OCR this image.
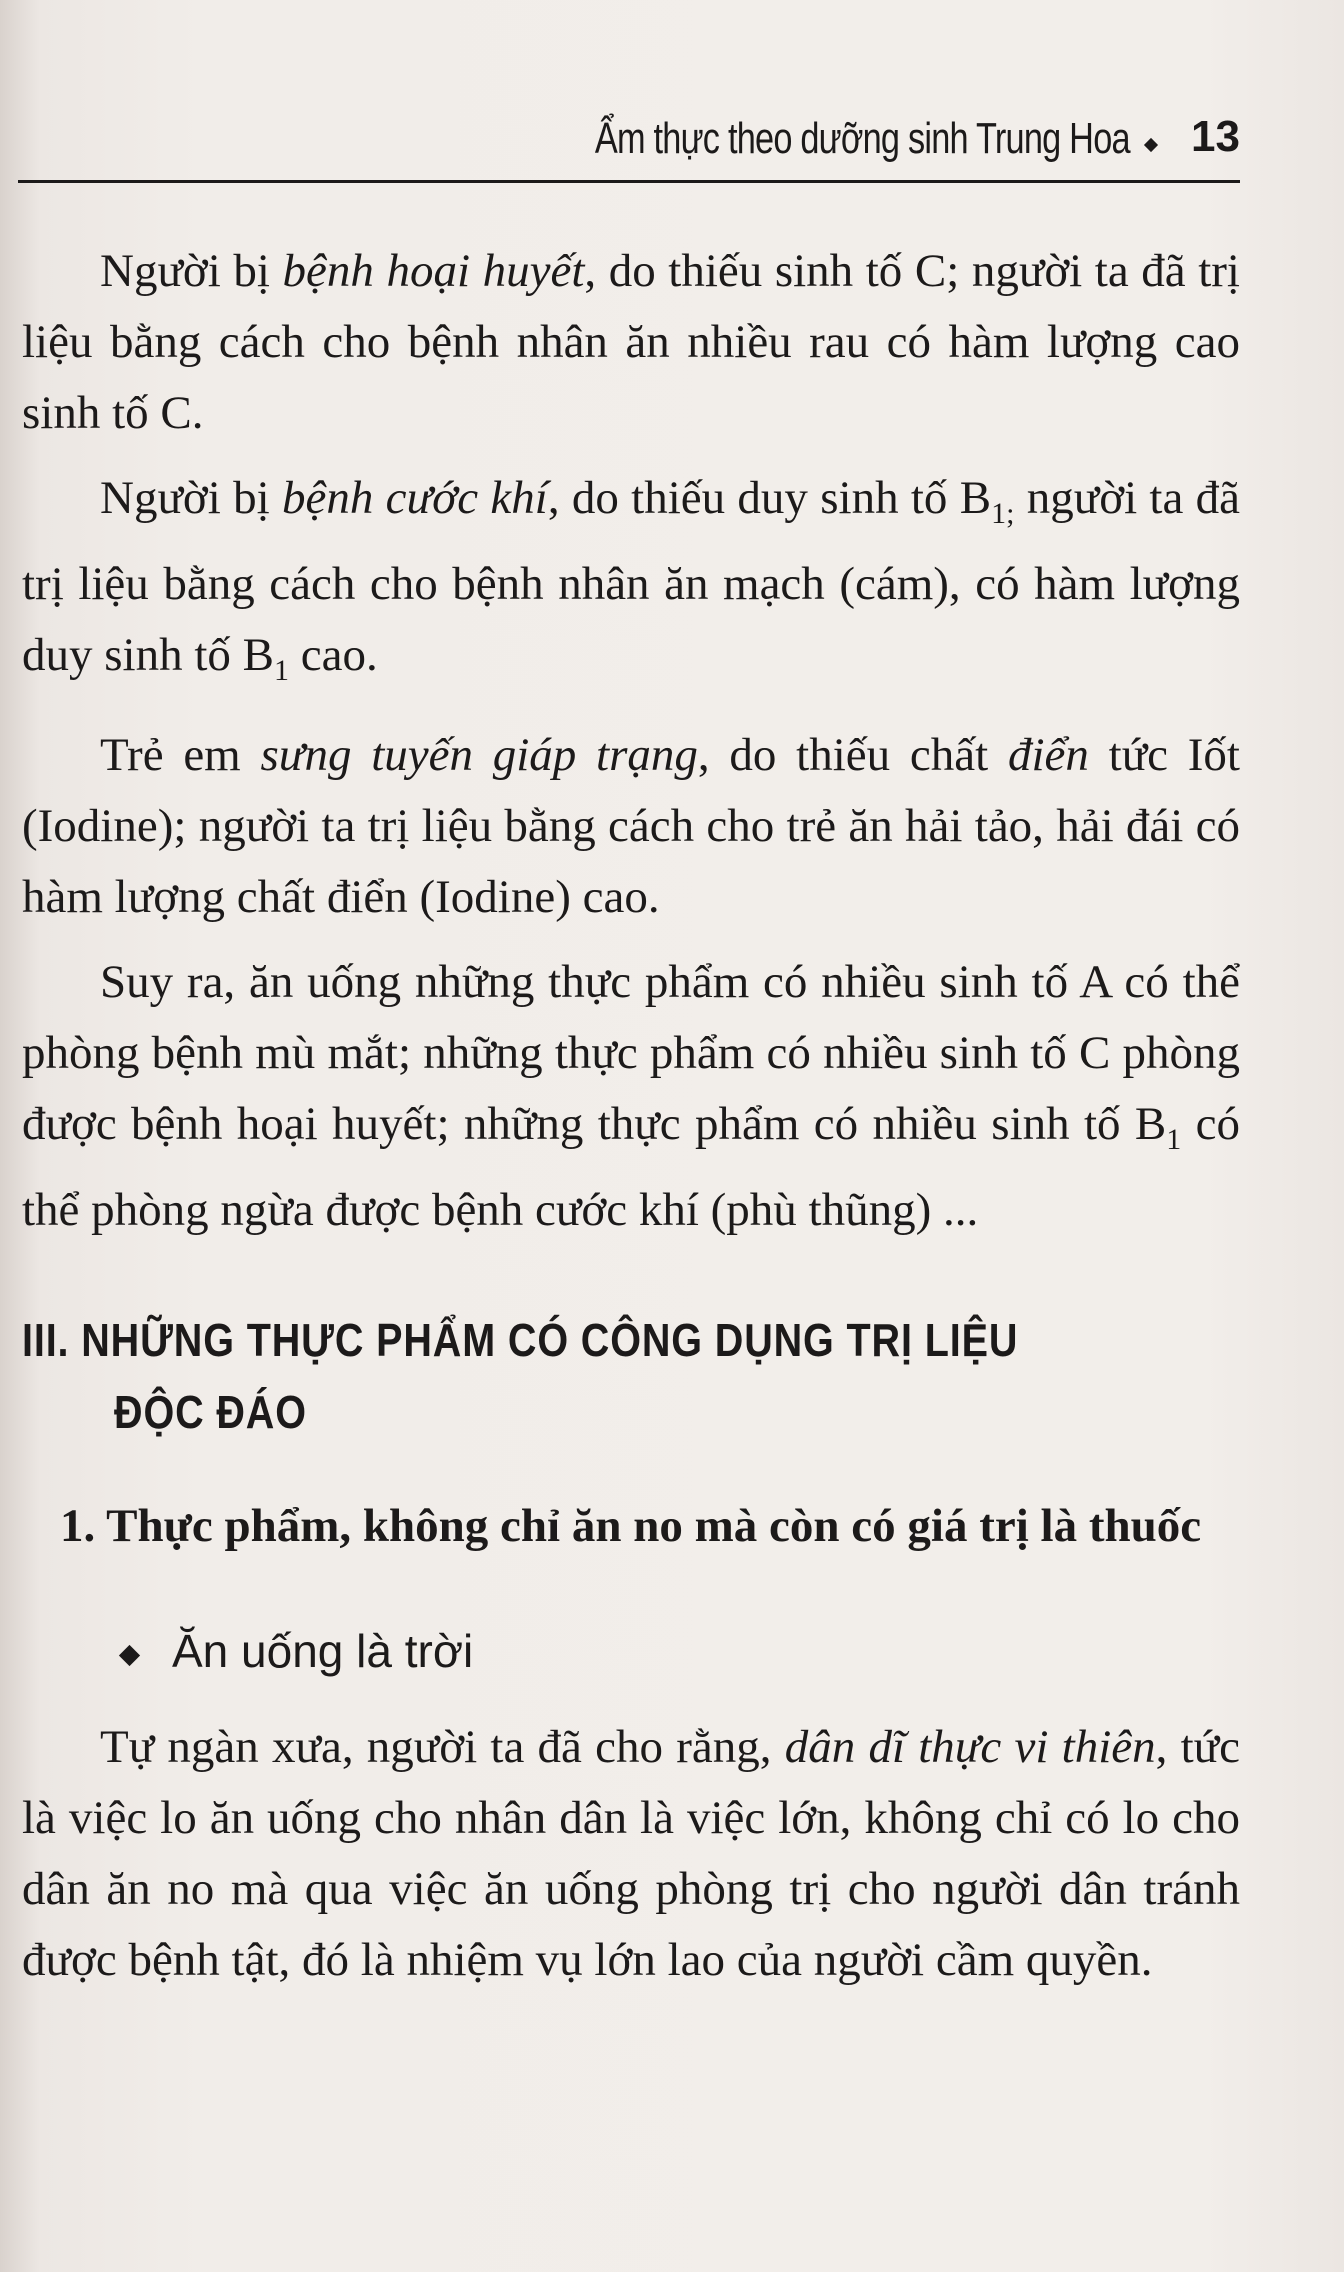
Ẩm thực theo dưỡng sinh Trung Hoa 13

Người bị bệnh hoại huyết, do thiếu sinh tố C; người ta đã trị liệu bằng cách cho bệnh nhân ăn nhiều rau có hàm lượng cao sinh tố C.

Người bị bệnh cước khí, do thiếu duy sinh tố $B_{1;}$ người ta đã trị liệu bằng cách cho bệnh nhân ăn mạch (cám), có hàm lượng duy sinh tố $B_1$ cao.

Trẻ em sưng tuyến giáp trạng, do thiếu chất điển tức Iốt (Iodine); người ta trị liệu bằng cách cho trẻ ăn hải tảo, hải đái có hàm lượng chất điển (Iodine) cao.

Suy ra, ăn uống những thực phẩm có nhiều sinh tố A có thể phòng bệnh mù mắt; những thực phẩm có nhiều sinh tố C phòng được bệnh hoại huyết; những thực phẩm có nhiều sinh tố $B_1$ có thể phòng ngừa được bệnh cước khí (phù thũng) ...

III. NHỮNG THỰC PHẨM CÓ CÔNG DỤNG TRỊ LIỆU
ĐỘC ĐÁO
1. Thực phẩm, không chỉ ăn no mà còn có giá trị là thuốc
Ăn uống là trời

Tự ngàn xưa, người ta đã cho rằng, dân dĩ thực vi thiên, tức là việc lo ăn uống cho nhân dân là việc lớn, không chỉ có lo cho dân ăn no mà qua việc ăn uống phòng trị cho người dân tránh được bệnh tật, đó là nhiệm vụ lớn lao của người cầm quyền.
